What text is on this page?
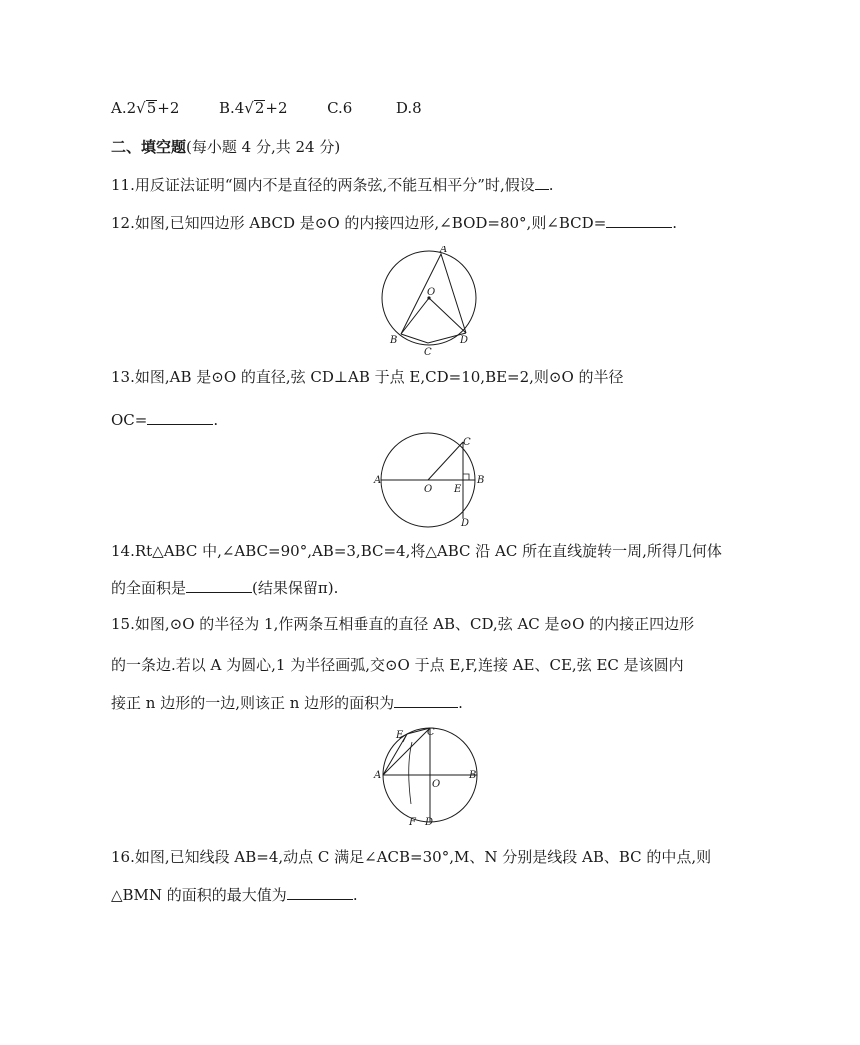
A.2√5+2	B.4√2+2	C.6	D.8
二、填空题(每小题 4 分,共 24 分)
11.用反证法证明“圆内不是直径的两条弦,不能互相平分”时,假设 .
12.如图,已知四边形 ABCD 是⊙O 的内接四边形,∠BOD=80°,则∠BCD=	.
A
O
B
C
D
13.如图,AB 是⊙O 的直径,弦 CD⊥AB 于点 E,CD=10,BE=2,则⊙O 的半径
OC=	.
A
O E
B
C
D
14.Rt△ABC 中,∠ABC=90°,AB=3,BC=4,将△ABC 沿 AC 所在直线旋转一周,所得几何体
的全面积是	(结果保留π).
15.如图,⊙O 的半径为 1,作两条互相垂直的直径 AB、CD,弦 AC 是⊙O 的内接正四边形
的一条边.若以 A 为圆心,1 为半径画弧,交⊙O 于点 E,F,连接 AE、CE,弦 EC 是该圆内
接正 n 边形的一边,则该正 n 边形的面积为	.
E C
A
O
B
F D
16.如图,已知线段 AB=4,动点 C 满足∠ACB=30°,M、N 分别是线段 AB、BC 的中点,则
△BMN 的面积的最大值为	.
